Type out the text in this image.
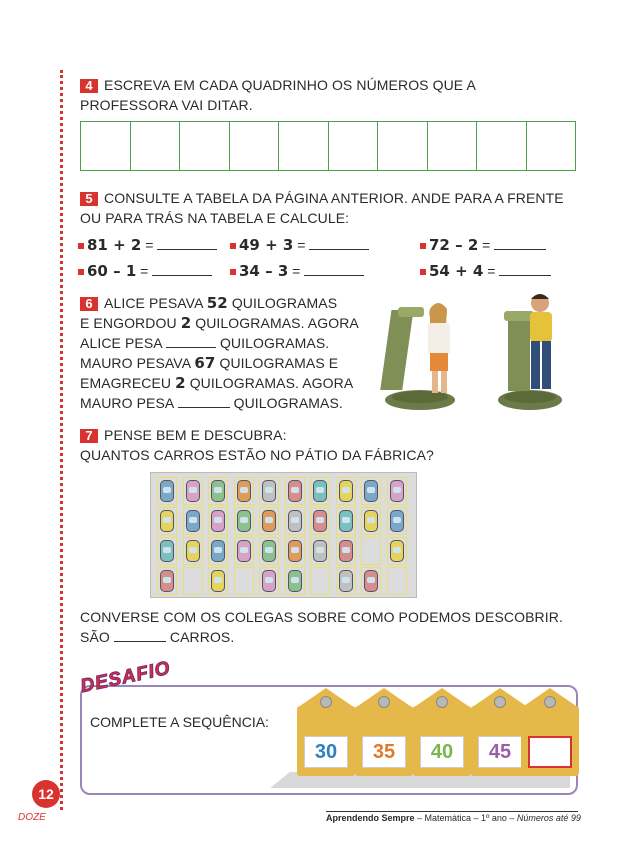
4 ESCREVA EM CADA QUADRINHO OS NÚMEROS QUE A
PROFESSORA VAI DITAR.
5 CONSULTE A TABELA DA PÁGINA ANTERIOR. ANDE PARA A FRENTE
OU PARA TRÁS NA TABELA E CALCULE:
81 + 2 =	49 + 3 =	72 – 2 =
60 – 1 =	34 – 3 =	54 + 4 =
6 ALICE PESAVA 52 QUILOGRAMAS
E ENGORDOU 2 QUILOGRAMAS. AGORA
ALICE PESA	QUILOGRAMAS.
MAURO PESAVA 67 QUILOGRAMAS E
EMAGRECEU 2 QUILOGRAMAS. AGORA
MAURO PESA	QUILOGRAMAS.
7 PENSE BEM E DESCUBRA:
QUANTOS CARROS ESTÃO NO PÁTIO DA FÁBRICA?
CONVERSE COM OS COLEGAS SOBRE COMO PODEMOS DESCOBRIR.
SÃO	CARROS.
DESAFIO
COMPLETE A SEQUÊNCIA:
30	35	40	45
12
DOZE	Aprendendo Sempre – Matemática – 1º ano – Números até 99
